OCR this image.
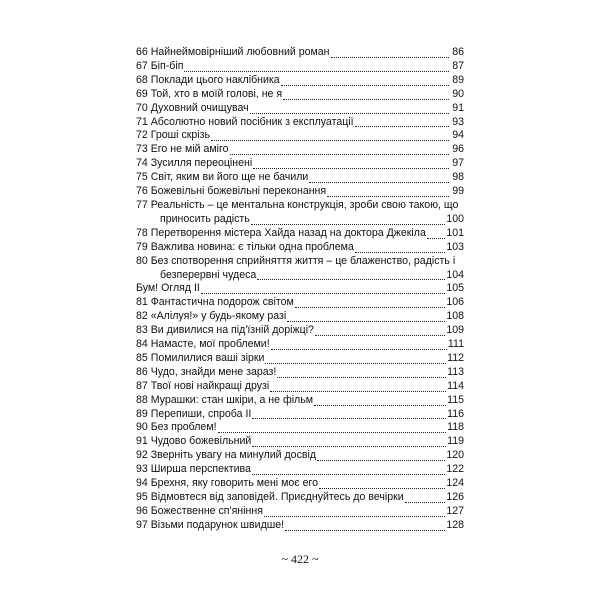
66 Найнеймовірніший любовний роман	86
67 Біп-біп	87
68 Поклади цього наклібника	89
69 Той, хто в моїй голові, не я	90
70 Духовний очищувач	91
71 Абсолютно новий посібник з експлуатації	93
72 Гроші скрізь	94
73 Его не мій аміго	96
74 Зусилля переоцінені	97
75 Світ, яким ви його ще не бачили	98
76 Божевільні божевільні переконання	99
77 Реальність – це ментальна конструкція, зроби свою такою, що
приносить радість	100
78 Перетворення містера Хайда назад на доктора Джекіла 101
79 Важлива новина: є тільки одна проблема	103
80 Без спотворення сприйняття життя – це блаженство, радість і
безперервні чудеса	104
Бум! Огляд ІІ	105
81 Фантастична подорож світом	106
82 «Алілуя!» у будь-якому разі	108
83 Ви дивилися на під'їзній доріжці?	109
84 Намасте, мої проблеми!	111
85 Помилилися ваші зірки	112
86 Чудо, знайди мене зараз!	113
87 Твої нові найкращі друзі	114
88 Мурашки: стан шкіри, а не фільм	115
89 Перепиши, спроба ІІ	116
90 Без проблем!	118
91 Чудово божевільний	119
92 Зверніть увагу на минулий досвід	120
93 Ширша перспектива	122
94 Брехня, яку говорить мені моє его	124
95 Відмовтеся від заповідей. Приєднуйтесь до вечірки	126
96 Божественне сп'яніння	127
97 Візьми подарунок швидше!	128
~ 422 ~
